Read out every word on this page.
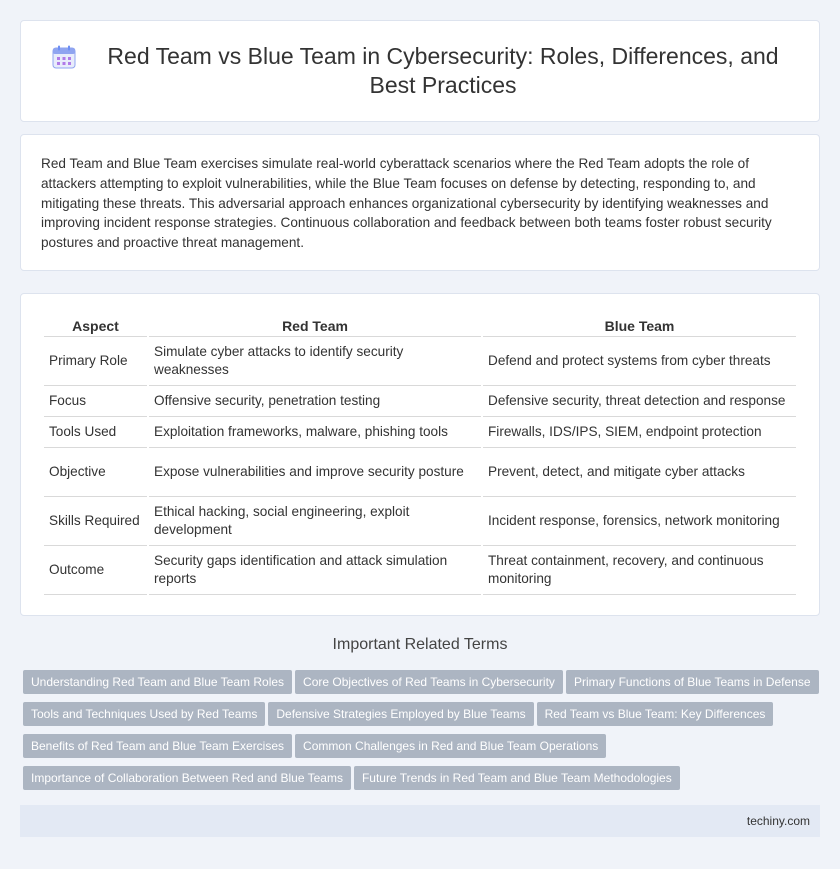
Red Team vs Blue Team in Cybersecurity: Roles, Differences, and Best Practices

Red Team and Blue Team exercises simulate real-world cyberattack scenarios where the Red Team adopts the role of attackers attempting to exploit vulnerabilities, while the Blue Team focuses on defense by detecting, responding to, and mitigating these threats. This adversarial approach enhances organizational cybersecurity by identifying weaknesses and improving incident response strategies. Continuous collaboration and feedback between both teams foster robust security postures and proactive threat management.

Aspect	Red Team	Blue Team
Primary Role	Simulate cyber attacks to identify security weaknesses	Defend and protect systems from cyber threats
Focus	Offensive security, penetration testing	Defensive security, threat detection and response
Tools Used	Exploitation frameworks, malware, phishing tools	Firewalls, IDS/IPS, SIEM, endpoint protection
Objective	Expose vulnerabilities and improve security posture	Prevent, detect, and mitigate cyber attacks
Skills Required	Ethical hacking, social engineering, exploit development	Incident response, forensics, network monitoring
Outcome	Security gaps identification and attack simulation reports	Threat containment, recovery, and continuous monitoring
Important Related Terms
Understanding Red Team and Blue Team Roles Core Objectives of Red Teams in Cybersecurity Primary Functions of Blue Teams in Defense
Tools and Techniques Used by Red Teams Defensive Strategies Employed by Blue Teams Red Team vs Blue Team: Key Differences
Benefits of Red Team and Blue Team Exercises Common Challenges in Red and Blue Team Operations
Importance of Collaboration Between Red and Blue Teams Future Trends in Red Team and Blue Team Methodologies
techiny.com
